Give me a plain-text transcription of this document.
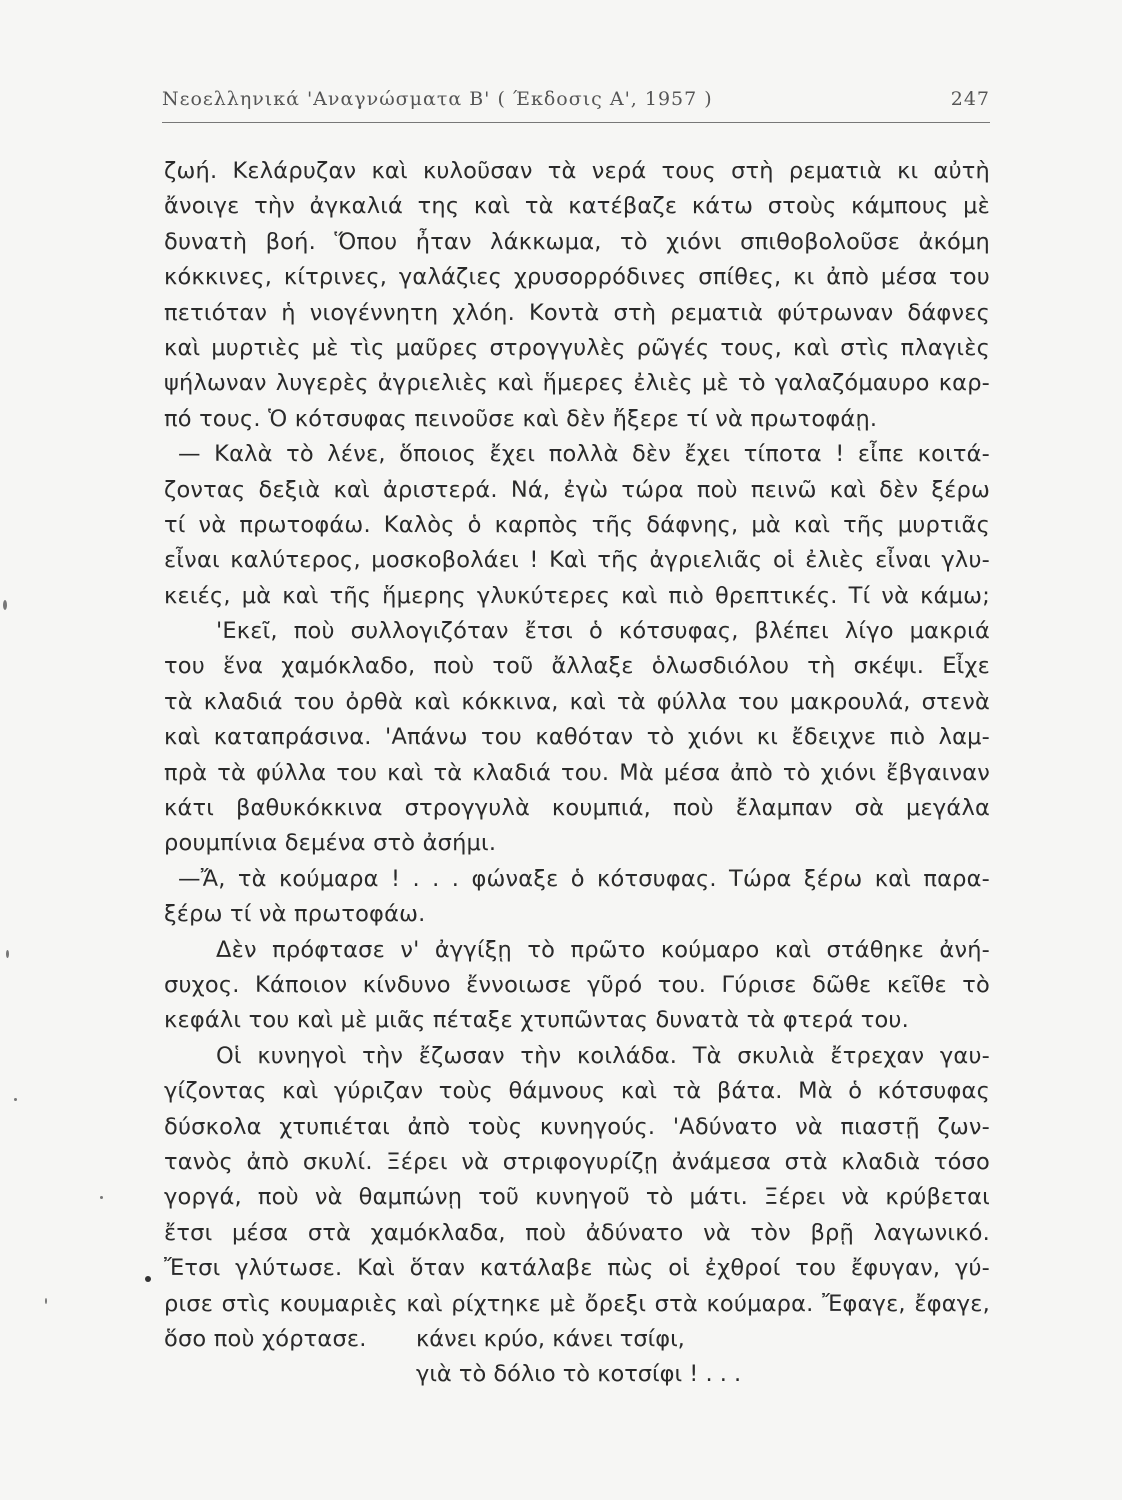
Νεοελληνικά 'Αναγνώσματα Β' ( Έκδοσις Α', 1957 )	247
ζωή. Κελάρυζαν καὶ κυλοῦσαν τὰ νερά τους στὴ ρεματιὰ κι αὐτὴ
ἄνοιγε τὴν ἀγκαλιά της καὶ τὰ κατέβαζε κάτω στοὺς κάμπους μὲ
δυνατὴ βοή. Ὅπου ἦταν λάκκωμα, τὸ χιόνι σπιθοβολοῦσε ἀκόμη
κόκκινες, κίτρινες, γαλάζιες χρυσορρόδινες σπίθες, κι ἀπὸ μέσα του
πετιόταν ἡ νιογέννητη χλόη. Κοντὰ στὴ ρεματιὰ φύτρωναν δάφνες
καὶ μυρτιὲς μὲ τὶς μαῦρες στρογγυλὲς ρῶγές τους, καὶ στὶς πλαγιὲς
ψήλωναν λυγερὲς ἀγριελιὲς καὶ ἥμερες ἐλιὲς μὲ τὸ γαλαζόμαυρο καρ-
πό τους. Ὁ κότσυφας πεινοῦσε καὶ δὲν ἤξερε τί νὰ πρωτοφάῃ.
— Καλὰ τὸ λένε, ὅποιος ἔχει πολλὰ δὲν ἔχει τίποτα ! εἶπε κοιτά-
ζοντας δεξιὰ καὶ ἀριστερά. Νά, ἐγὼ τώρα ποὺ πεινῶ καὶ δὲν ξέρω
τί νὰ πρωτοφάω. Καλὸς ὁ καρπὸς τῆς δάφνης, μὰ καὶ τῆς μυρτιᾶς
εἶναι καλύτερος, μοσκοβολάει ! Καὶ τῆς ἀγριελιᾶς οἱ ἐλιὲς εἶναι γλυ-
κειές, μὰ καὶ τῆς ἥμερης γλυκύτερες καὶ πιὸ θρεπτικές. Τί νὰ κάμω;
'Εκεῖ, ποὺ συλλογιζόταν ἔτσι ὁ κότσυφας, βλέπει λίγο μακριά
του ἕνα χαμόκλαδο, ποὺ τοῦ ἄλλαξε ὁλωσδιόλου τὴ σκέψι. Εἶχε
τὰ κλαδιά του ὀρθὰ καὶ κόκκινα, καὶ τὰ φύλλα του μακρουλά, στενὰ
καὶ καταπράσινα. 'Απάνω του καθόταν τὸ χιόνι κι ἔδειχνε πιὸ λαμ-
πρὰ τὰ φύλλα του καὶ τὰ κλαδιά του. Μὰ μέσα ἀπὸ τὸ χιόνι ἔβγαιναν
κάτι βαθυκόκκινα στρογγυλὰ κουμπιά, ποὺ ἔλαμπαν σὰ μεγάλα
ρουμπίνια δεμένα στὸ ἀσήμι.
—Ἄ, τὰ κούμαρα ! . . . φώναξε ὁ κότσυφας. Τώρα ξέρω καὶ παρα-
ξέρω τί νὰ πρωτοφάω.
Δὲν πρόφτασε ν' ἀγγίξῃ τὸ πρῶτο κούμαρο καὶ στάθηκε ἀνή-
συχος. Κάποιον κίνδυνο ἔννοιωσε γῦρό του. Γύρισε δῶθε κεῖθε τὸ
κεφάλι του καὶ μὲ μιᾶς πέταξε χτυπῶντας δυνατὰ τὰ φτερά του.
Οἱ κυνηγοὶ τὴν ἔζωσαν τὴν κοιλάδα. Τὰ σκυλιὰ ἔτρεχαν γαυ-
γίζοντας καὶ γύριζαν τοὺς θάμνους καὶ τὰ βάτα. Μὰ ὁ κότσυφας
δύσκολα χτυπιέται ἀπὸ τοὺς κυνηγούς. 'Αδύνατο νὰ πιαστῇ ζων-
τανὸς ἀπὸ σκυλί. Ξέρει νὰ στριφογυρίζῃ ἀνάμεσα στὰ κλαδιὰ τόσο
γοργά, ποὺ νὰ θαμπώνῃ τοῦ κυνηγοῦ τὸ μάτι. Ξέρει νὰ κρύβεται
ἔτσι μέσα στὰ χαμόκλαδα, ποὺ ἀδύνατο νὰ τὸν βρῇ λαγωνικό.
Ἔτσι γλύτωσε. Καὶ ὅταν κατάλαβε πὼς οἱ ἐχθροί του ἔφυγαν, γύ-
ρισε στὶς κουμαριὲς καὶ ρίχτηκε μὲ ὄρεξι στὰ κούμαρα. Ἔφαγε, ἔφαγε,
ὅσο ποὺ χόρτασε.	κάνει κρύο, κάνει τσίφι,
γιὰ τὸ δόλιο τὸ κοτσίφι ! . . .
